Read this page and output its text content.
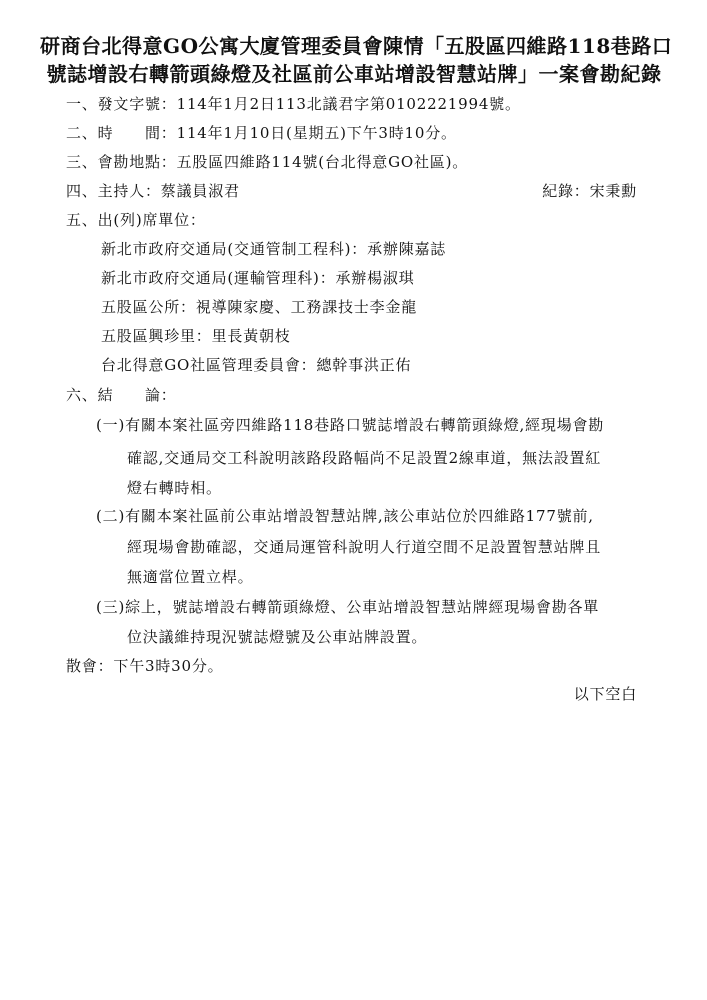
研商台北得意GO公寓大廈管理委員會陳情「五股區四維路118巷路口
號誌增設右轉箭頭綠燈及社區前公車站增設智慧站牌」一案會勘紀錄
一、發文字號：114年1月2日113北議君字第0102221994號。
二、時　　間：114年1月10日(星期五)下午3時10分。
三、會勘地點：五股區四維路114號(台北得意GO社區)。
四、主持人：蔡議員淑君	紀錄：宋秉勳
五、出(列)席單位：
新北市政府交通局(交通管制工程科)：承辦陳嘉誌
新北市政府交通局(運輸管理科)：承辦楊淑琪
五股區公所：視導陳家慶、工務課技士李金龍
五股區興珍里：里長黃朝枝
台北得意GO社區管理委員會：總幹事洪正佑
六、結　　論：
(一)有關本案社區旁四維路118巷路口號誌增設右轉箭頭綠燈,經現場會勘
確認,交通局交工科說明該路段路幅尚不足設置2線車道，無法設置紅
燈右轉時相。
(二)有關本案社區前公車站增設智慧站牌,該公車站位於四維路177號前,
經現場會勘確認，交通局運管科說明人行道空間不足設置智慧站牌且
無適當位置立桿。
(三)綜上，號誌增設右轉箭頭綠燈、公車站增設智慧站牌經現場會勘各單
位決議維持現況號誌燈號及公車站牌設置。
散會：下午3時30分。
以下空白
